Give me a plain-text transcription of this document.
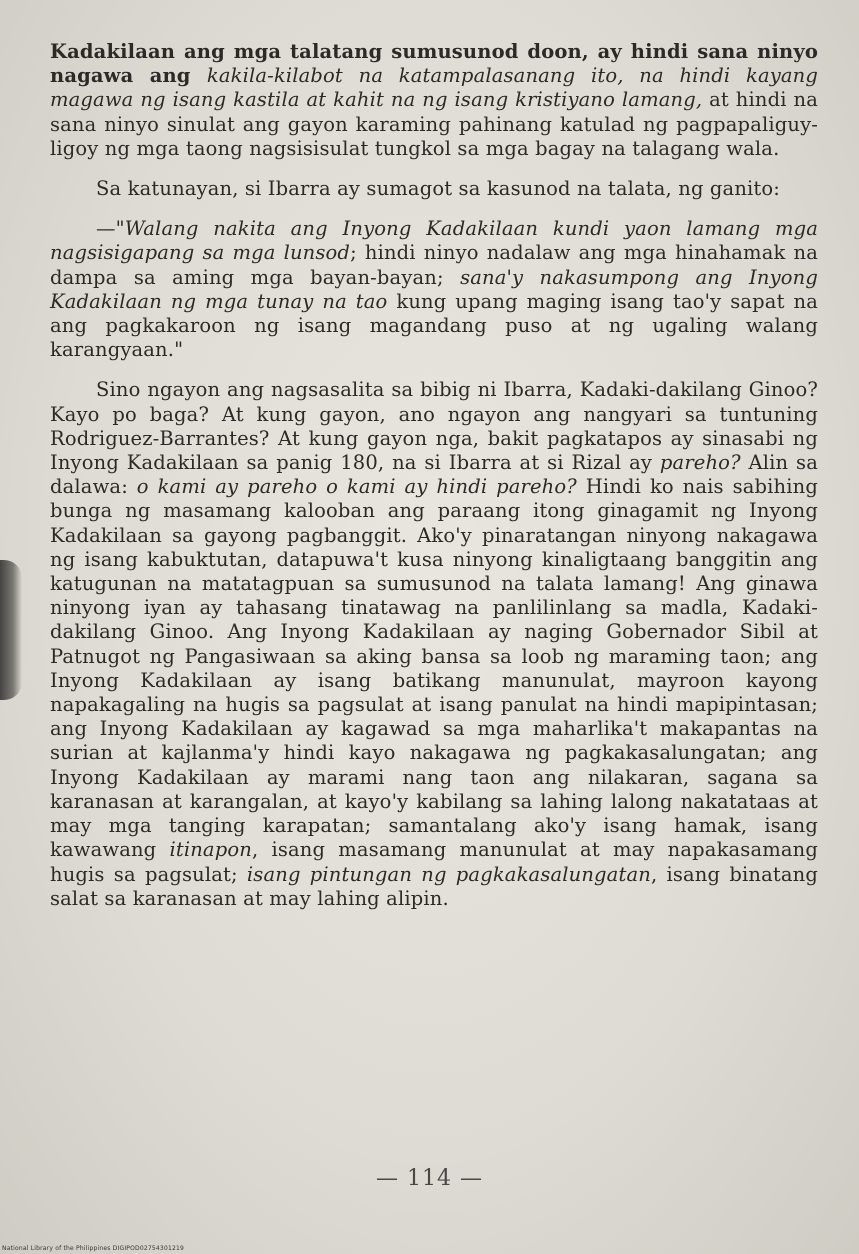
Kadakilaan ang mga talatang sumusunod doon, ay hindi sana ninyo nagawa ang kakila-kilabot na katampalasanang ito, na hindi kayang magawa ng isang kastila at kahit na ng isang kristiyano lamang, at hindi na sana ninyo sinulat ang gayon karaming pahinang katulad ng pagpapaliguy-ligoy ng mga taong nagsisisulat tungkol sa mga bagay na talagang wala.

Sa katunayan, si Ibarra ay sumagot sa kasunod na talata, ng ganito:

—"Walang nakita ang Inyong Kadakilaan kundi yaon lamang mga nagsisigapang sa mga lunsod; hindi ninyo nadalaw ang mga hinahamak na dampa sa aming mga bayan-bayan; sana'y nakasumpong ang Inyong Kadakilaan ng mga tunay na tao kung upang maging isang tao'y sapat na ang pagkakaroon ng isang magandang puso at ng ugaling walang karangyaan."

Sino ngayon ang nagsasalita sa bibig ni Ibarra, Kadaki-dakilang Ginoo? Kayo po baga? At kung gayon, ano ngayon ang nangyari sa tuntuning Rodriguez-Barrantes? At kung gayon nga, bakit pagkatapos ay sinasabi ng Inyong Kadakilaan sa panig 180, na si Ibarra at si Rizal ay pareho? Alin sa dalawa: o kami ay pareho o kami ay hindi pareho? Hindi ko nais sabihing bunga ng masamang kalooban ang paraang itong ginagamit ng Inyong Kadakilaan sa gayong pagbanggit. Ako'y pinaratangan ninyong nakagawa ng isang kabuktutan, datapuwa't kusa ninyong kinaligtaang banggitin ang katugunan na matatagpuan sa sumusunod na talata lamang! Ang ginawa ninyong iyan ay tahasang tinatawag na panlilinlang sa madla, Kadaki-dakilang Ginoo. Ang Inyong Kadakilaan ay naging Gobernador Sibil at Patnugot ng Pangasiwaan sa aking bansa sa loob ng maraming taon; ang Inyong Kadakilaan ay isang batikang manunulat, mayroon kayong napakagaling na hugis sa pagsulat at isang panulat na hindi mapipintasan; ang Inyong Kadakilaan ay kagawad sa mga maharlika't makapantas na surian at kajlanma'y hindi kayo nakagawa ng pagkakasalungatan; ang Inyong Kadakilaan ay marami nang taon ang nilakaran, sagana sa karanasan at karangalan, at kayo'y kabilang sa lahing lalong nakatataas at may mga tanging karapatan; samantalang ako'y isang hamak, isang kawawang itinapon, isang masamang manunulat at may napakasamang hugis sa pagsulat; isang pintungan ng pagkakasalungatan, isang binatang salat sa karanasan at may lahing alipin.

— 114 —
National Library of the Philippines DIGIPOD02754301219
